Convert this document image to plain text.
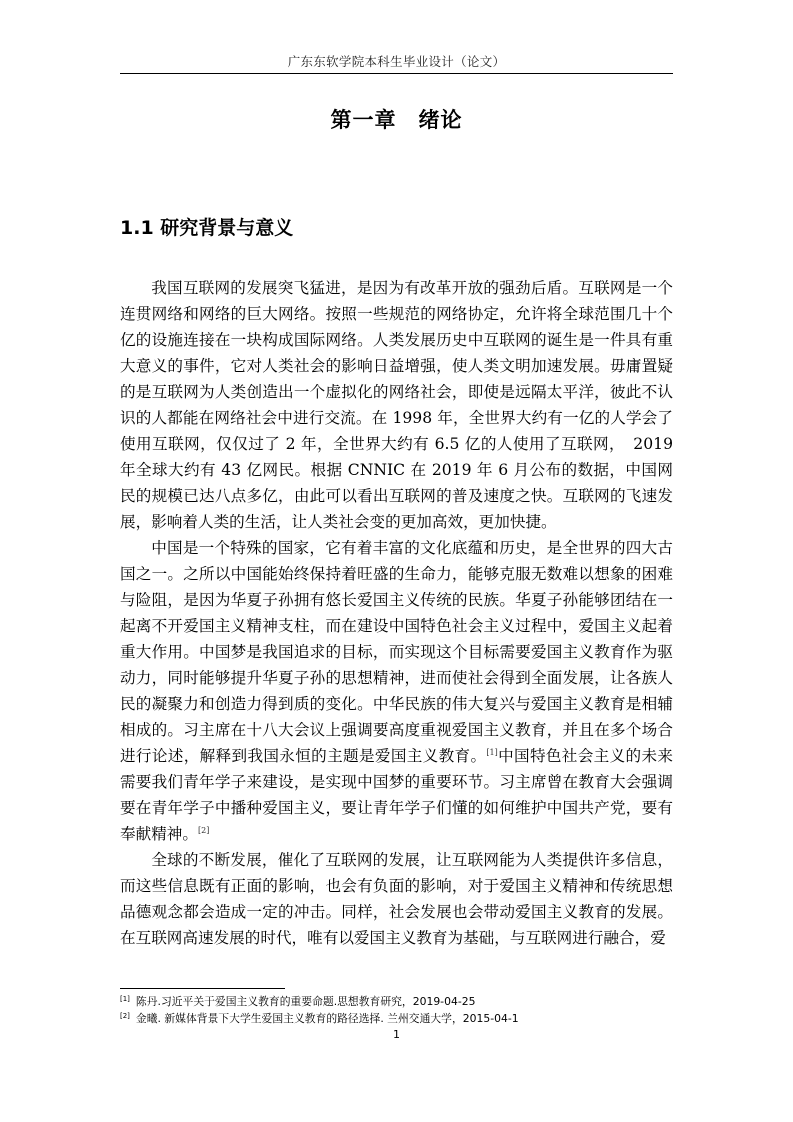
广东东软学院本科生毕业设计（论文）
第一章　绪论
1.1 研究背景与意义

我国互联网的发展突飞猛进，是因为有改革开放的强劲后盾。互联网是一个连贯网络和网络的巨大网络。按照一些规范的网络协定，允许将全球范围几十个亿的设施连接在一块构成国际网络。人类发展历史中互联网的诞生是一件具有重大意义的事件，它对人类社会的影响日益增强，使人类文明加速发展。毋庸置疑的是互联网为人类创造出一个虚拟化的网络社会，即使是远隔太平洋，彼此不认识的人都能在网络社会中进行交流。在 1998 年，全世界大约有一亿的人学会了使用互联网，仅仅过了 2 年，全世界大约有 6.5 亿的人使用了互联网，　2019 年全球大约有 43 亿网民。根据 CNNIC 在 2019 年 6 月公布的数据，中国网民的规模已达八点多亿，由此可以看出互联网的普及速度之快。互联网的飞速发展，影响着人类的生活，让人类社会变的更加高效，更加快捷。

中国是一个特殊的国家，它有着丰富的文化底蕴和历史，是全世界的四大古国之一。之所以中国能始终保持着旺盛的生命力，能够克服无数难以想象的困难与险阻，是因为华夏子孙拥有悠长爱国主义传统的民族。华夏子孙能够团结在一起离不开爱国主义精神支柱，而在建设中国特色社会主义过程中，爱国主义起着重大作用。中国梦是我国追求的目标，而实现这个目标需要爱国主义教育作为驱动力，同时能够提升华夏子孙的思想精神，进而使社会得到全面发展，让各族人民的凝聚力和创造力得到质的变化。中华民族的伟大复兴与爱国主义教育是相辅相成的。习主席在十八大会议上强调要高度重视爱国主义教育，并且在多个场合进行论述，解释到我国永恒的主题是爱国主义教育。[1]中国特色社会主义的未来需要我们青年学子来建设，是实现中国梦的重要环节。习主席曾在教育大会强调要在青年学子中播种爱国主义，要让青年学子们懂的如何维护中国共产党，要有奉献精神。[2]

全球的不断发展，催化了互联网的发展，让互联网能为人类提供许多信息，而这些信息既有正面的影响，也会有负面的影响，对于爱国主义精神和传统思想品德观念都会造成一定的冲击。同样，社会发展也会带动爱国主义教育的发展。在互联网高速发展的时代，唯有以爱国主义教育为基础，与互联网进行融合，爱

[1] 陈丹.习近平关于爱国主义教育的重要命题.思想教育研究，2019-04-25
[2] 金曦. 新媒体背景下大学生爱国主义教育的路径选择. 兰州交通大学，2015-04-1
1
